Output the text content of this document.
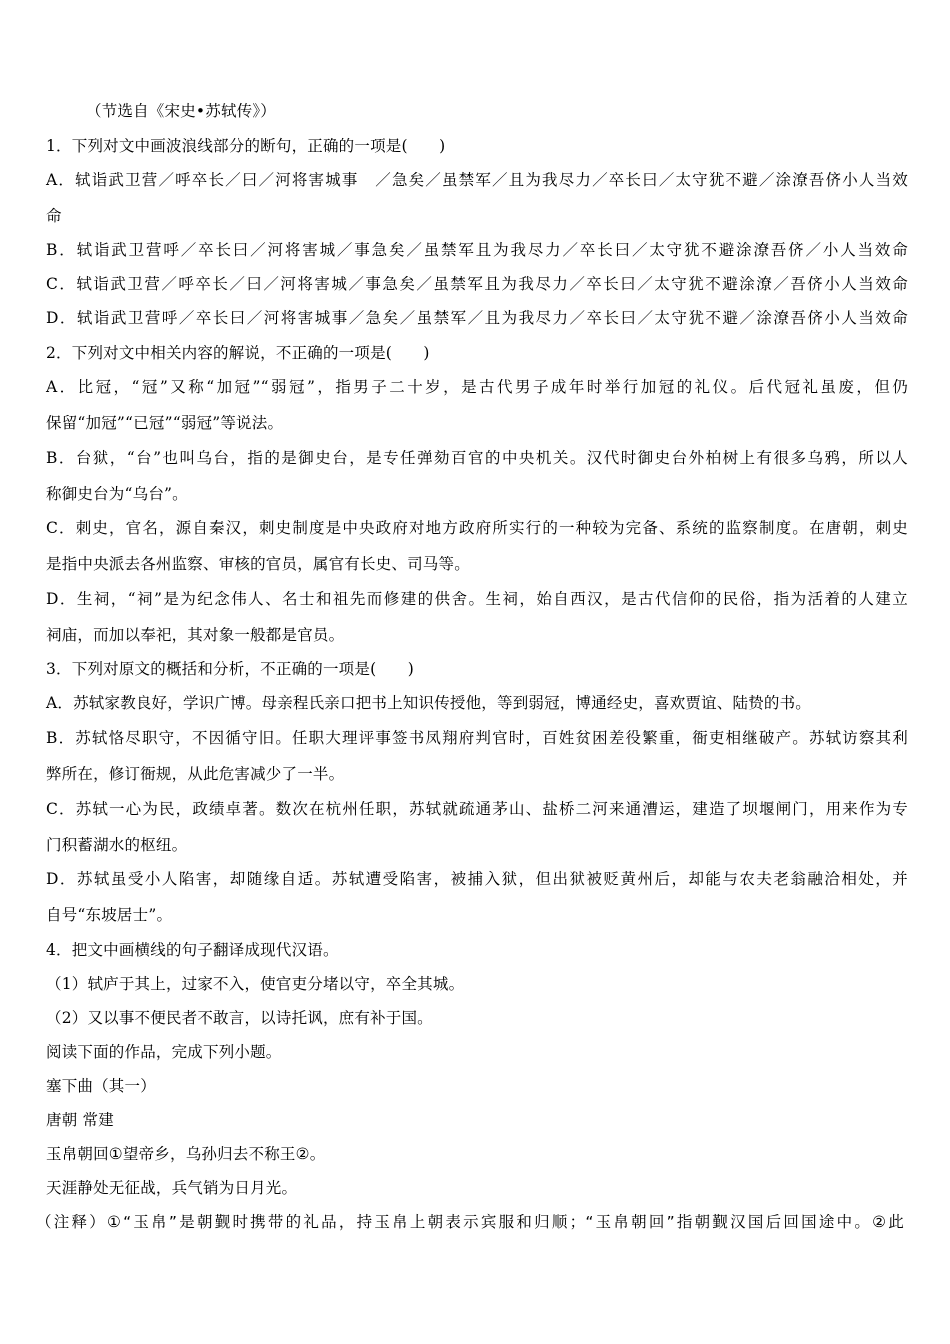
（节选自《宋史•苏轼传》）
1．下列对文中画波浪线部分的断句，正确的一项是(　　)
A．轼诣武卫营／呼卒长／曰／河将害城事　／急矣／虽禁军／且为我尽力／卒长曰／太守犹不避／涂潦吾侪小人当效
命
B．轼诣武卫营呼／卒长曰／河将害城／事急矣／虽禁军且为我尽力／卒长曰／太守犹不避涂潦吾侪／小人当效命
C．轼诣武卫营／呼卒长／曰／河将害城／事急矣／虽禁军且为我尽力／卒长曰／太守犹不避涂潦／吾侪小人当效命
D．轼诣武卫营呼／卒长曰／河将害城事／急矣／虽禁军／且为我尽力／卒长曰／太守犹不避／涂潦吾侪小人当效命
2．下列对文中相关内容的解说，不正确的一项是(　　)
A．比冠，“冠”又称“加冠”“弱冠”，指男子二十岁，是古代男子成年时举行加冠的礼仪。后代冠礼虽废，但仍
保留“加冠”“已冠”“弱冠”等说法。
B．台狱，“台”也叫乌台，指的是御史台，是专任弹劾百官的中央机关。汉代时御史台外柏树上有很多乌鸦，所以人
称御史台为“乌台”。
C．刺史，官名，源自秦汉，刺史制度是中央政府对地方政府所实行的一种较为完备、系统的监察制度。在唐朝，刺史
是指中央派去各州监察、审核的官员，属官有长史、司马等。
D．生祠，“祠”是为纪念伟人、名士和祖先而修建的供舍。生祠，始自西汉，是古代信仰的民俗，指为活着的人建立
祠庙，而加以奉祀，其对象一般都是官员。
3．下列对原文的概括和分析，不正确的一项是(　　)
A．苏轼家教良好，学识广博。母亲程氏亲口把书上知识传授他，等到弱冠，博通经史，喜欢贾谊、陆贽的书。
B．苏轼恪尽职守，不因循守旧。任职大理评事签书凤翔府判官时，百姓贫困差役繁重，衙吏相继破产。苏轼访察其利
弊所在，修订衙规，从此危害减少了一半。
C．苏轼一心为民，政绩卓著。数次在杭州任职，苏轼就疏通茅山、盐桥二河来通漕运，建造了坝堰闸门，用来作为专
门积蓄湖水的枢纽。
D．苏轼虽受小人陷害，却随缘自适。苏轼遭受陷害，被捕入狱，但出狱被贬黄州后，却能与农夫老翁融洽相处，并
自号“东坡居士”。
4．把文中画横线的句子翻译成现代汉语。
（1）轼庐于其上，过家不入，使官吏分堵以守，卒全其城。
（2）又以事不便民者不敢言，以诗托讽，庶有补于国。
阅读下面的作品，完成下列小题。
塞下曲（其一）
唐朝 常建
玉帛朝回①望帝乡，乌孙归去不称王②。
天涯静处无征战，兵气销为日月光。
（注释）①“玉帛”是朝觐时携带的礼品，持玉帛上朝表示宾服和归顺；“玉帛朝回”指朝觐汉国后回国途中。②此
